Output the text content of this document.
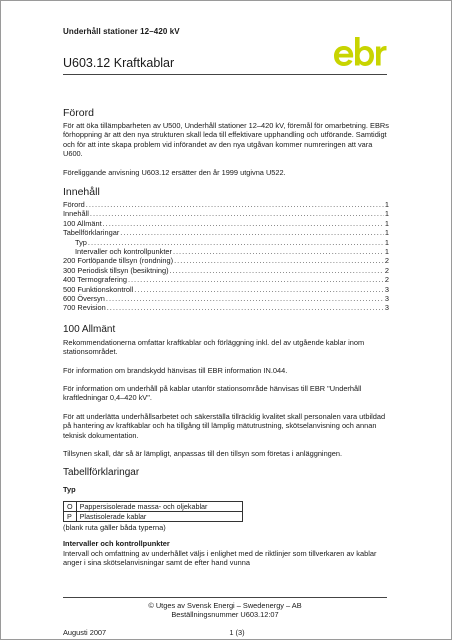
Underhåll stationer 12–420 kV
U603.12 Kraftkablar
Förord
För att öka tillämpbarheten av U500, Underhåll stationer 12–420 kV, föremål för omarbetning. EBRs förhoppning är att den nya strukturen skall leda till effektivare upphandling och utförande. Samtidigt och för att inte skapa problem vid införandet av den nya utgåvan kommer numreringen att vara U600.
Föreliggande anvisning U603.12 ersätter den år 1999 utgivna U522.
Innehåll
Förord .....	1
Innehåll .....	1
100 Allmänt .....	1
Tabellförklaringar .....	1
Typ .....	1
Intervaller och kontrollpunkter .....	1
200 Fortlöpande tillsyn (rondning) .....	2
300 Periodisk tillsyn (besiktning) .....	2
400 Termografering .....	2
500 Funktionskontroll .....	3
600 Översyn .....	3
700 Revision .....	3
100 Allmänt
Rekommendationerna omfattar kraftkablar och förläggning inkl. del av utgående kablar inom stationsområdet.
För information om brandskydd hänvisas till EBR information IN.044.
För information om underhåll på kablar utanför stationsområde hänvisas till EBR "Underhåll kraftledningar 0,4–420 kV".
För att underlätta underhållsarbetet och säkerställa tillräcklig kvalitet skall personalen vara utbildad på hantering av kraftkablar och ha tillgång till lämplig mätutrustning, skötselanvisning och annan teknisk dokumentation.
Tillsynen skall, där så är lämpligt, anpassas till den tillsyn som företas i anläggningen.
Tabellförklaringar
Typ
O	Pappersisolerade massa- och oljekablar
P	Plastisolerade kablar
(blank ruta gäller båda typerna)
Intervaller och kontrollpunkter
Intervall och omfattning av underhållet väljs i enlighet med de riktlinjer som tillverkaren av kablar anger i sina skötselanvisningar samt de efter hand vunna
© Utges av Svensk Energi – Swedenergy – AB
Beställningsnummer U603.12:07
Augusti 2007	1 (3)
